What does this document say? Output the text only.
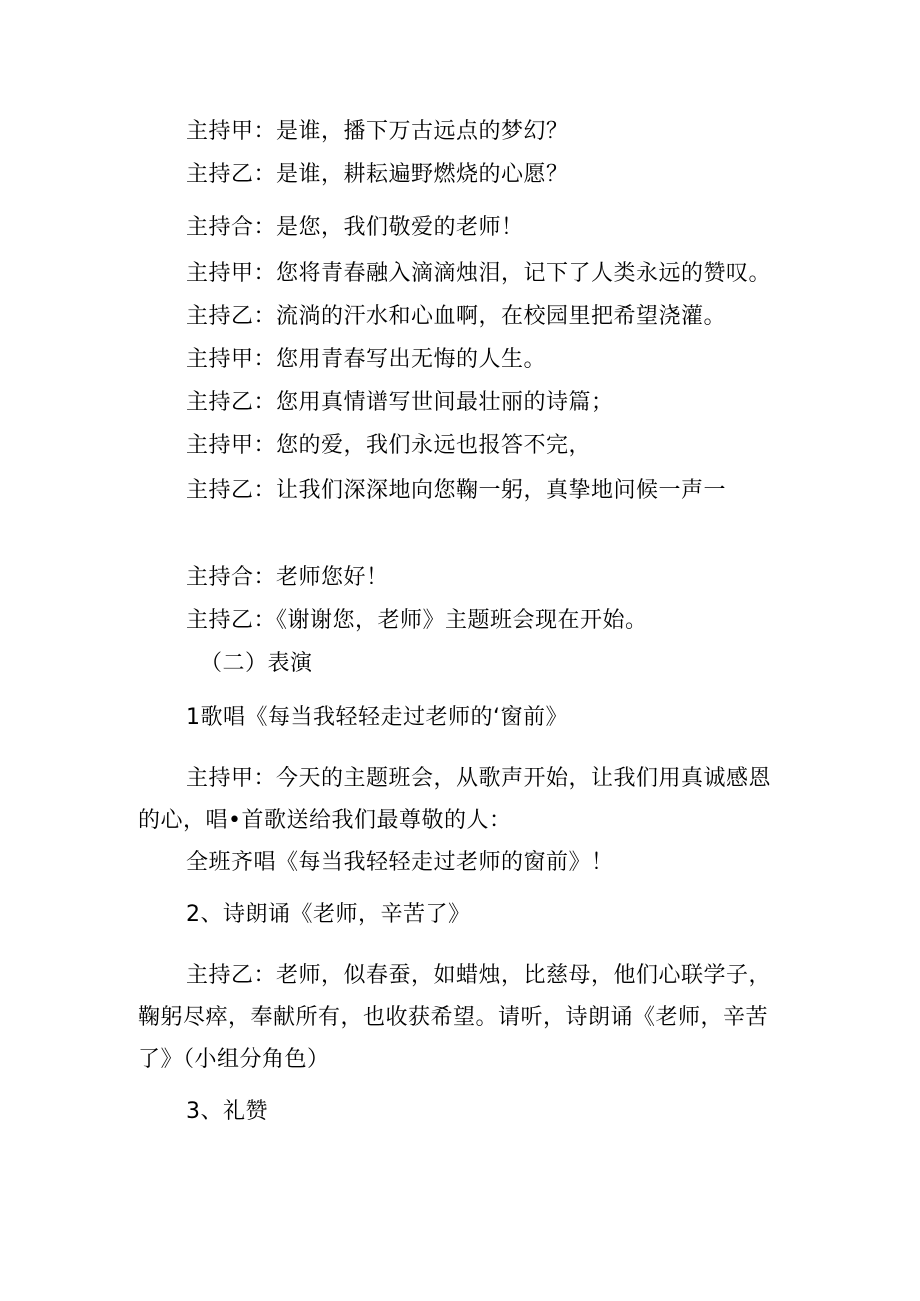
主持甲：是谁，播下万古远点的梦幻？
主持乙：是谁，耕耘遍野燃烧的心愿？
主持合：是您，我们敬爱的老师！
主持甲：您将青春融入滴滴烛泪，记下了人类永远的赞叹。
主持乙：流淌的汗水和心血啊，在校园里把希望浇灌。
主持甲：您用青春写出无悔的人生。
主持乙：您用真情谱写世间最壮丽的诗篇；
主持甲：您的爱，我们永远也报答不完，
主持乙：让我们深深地向您鞠一躬，真挚地问候一声一
主持合：老师您好！
主持乙：《谢谢您，老师》主题班会现在开始。
（二）表演
1歌唱《每当我轻轻走过老师的‘窗前》
主持甲：今天的主题班会，从歌声开始，让我们用真诚感恩
的心，唱•首歌送给我们最尊敬的人：
全班齐唱《每当我轻轻走过老师的窗前》！
2、诗朗诵《老师，辛苦了》
主持乙：老师，似春蚕，如蜡烛，比慈母，他们心联学子，
鞠躬尽瘁，奉献所有，也收获希望。请听，诗朗诵《老师，辛苦
了》（小组分角色）
3、礼赞
